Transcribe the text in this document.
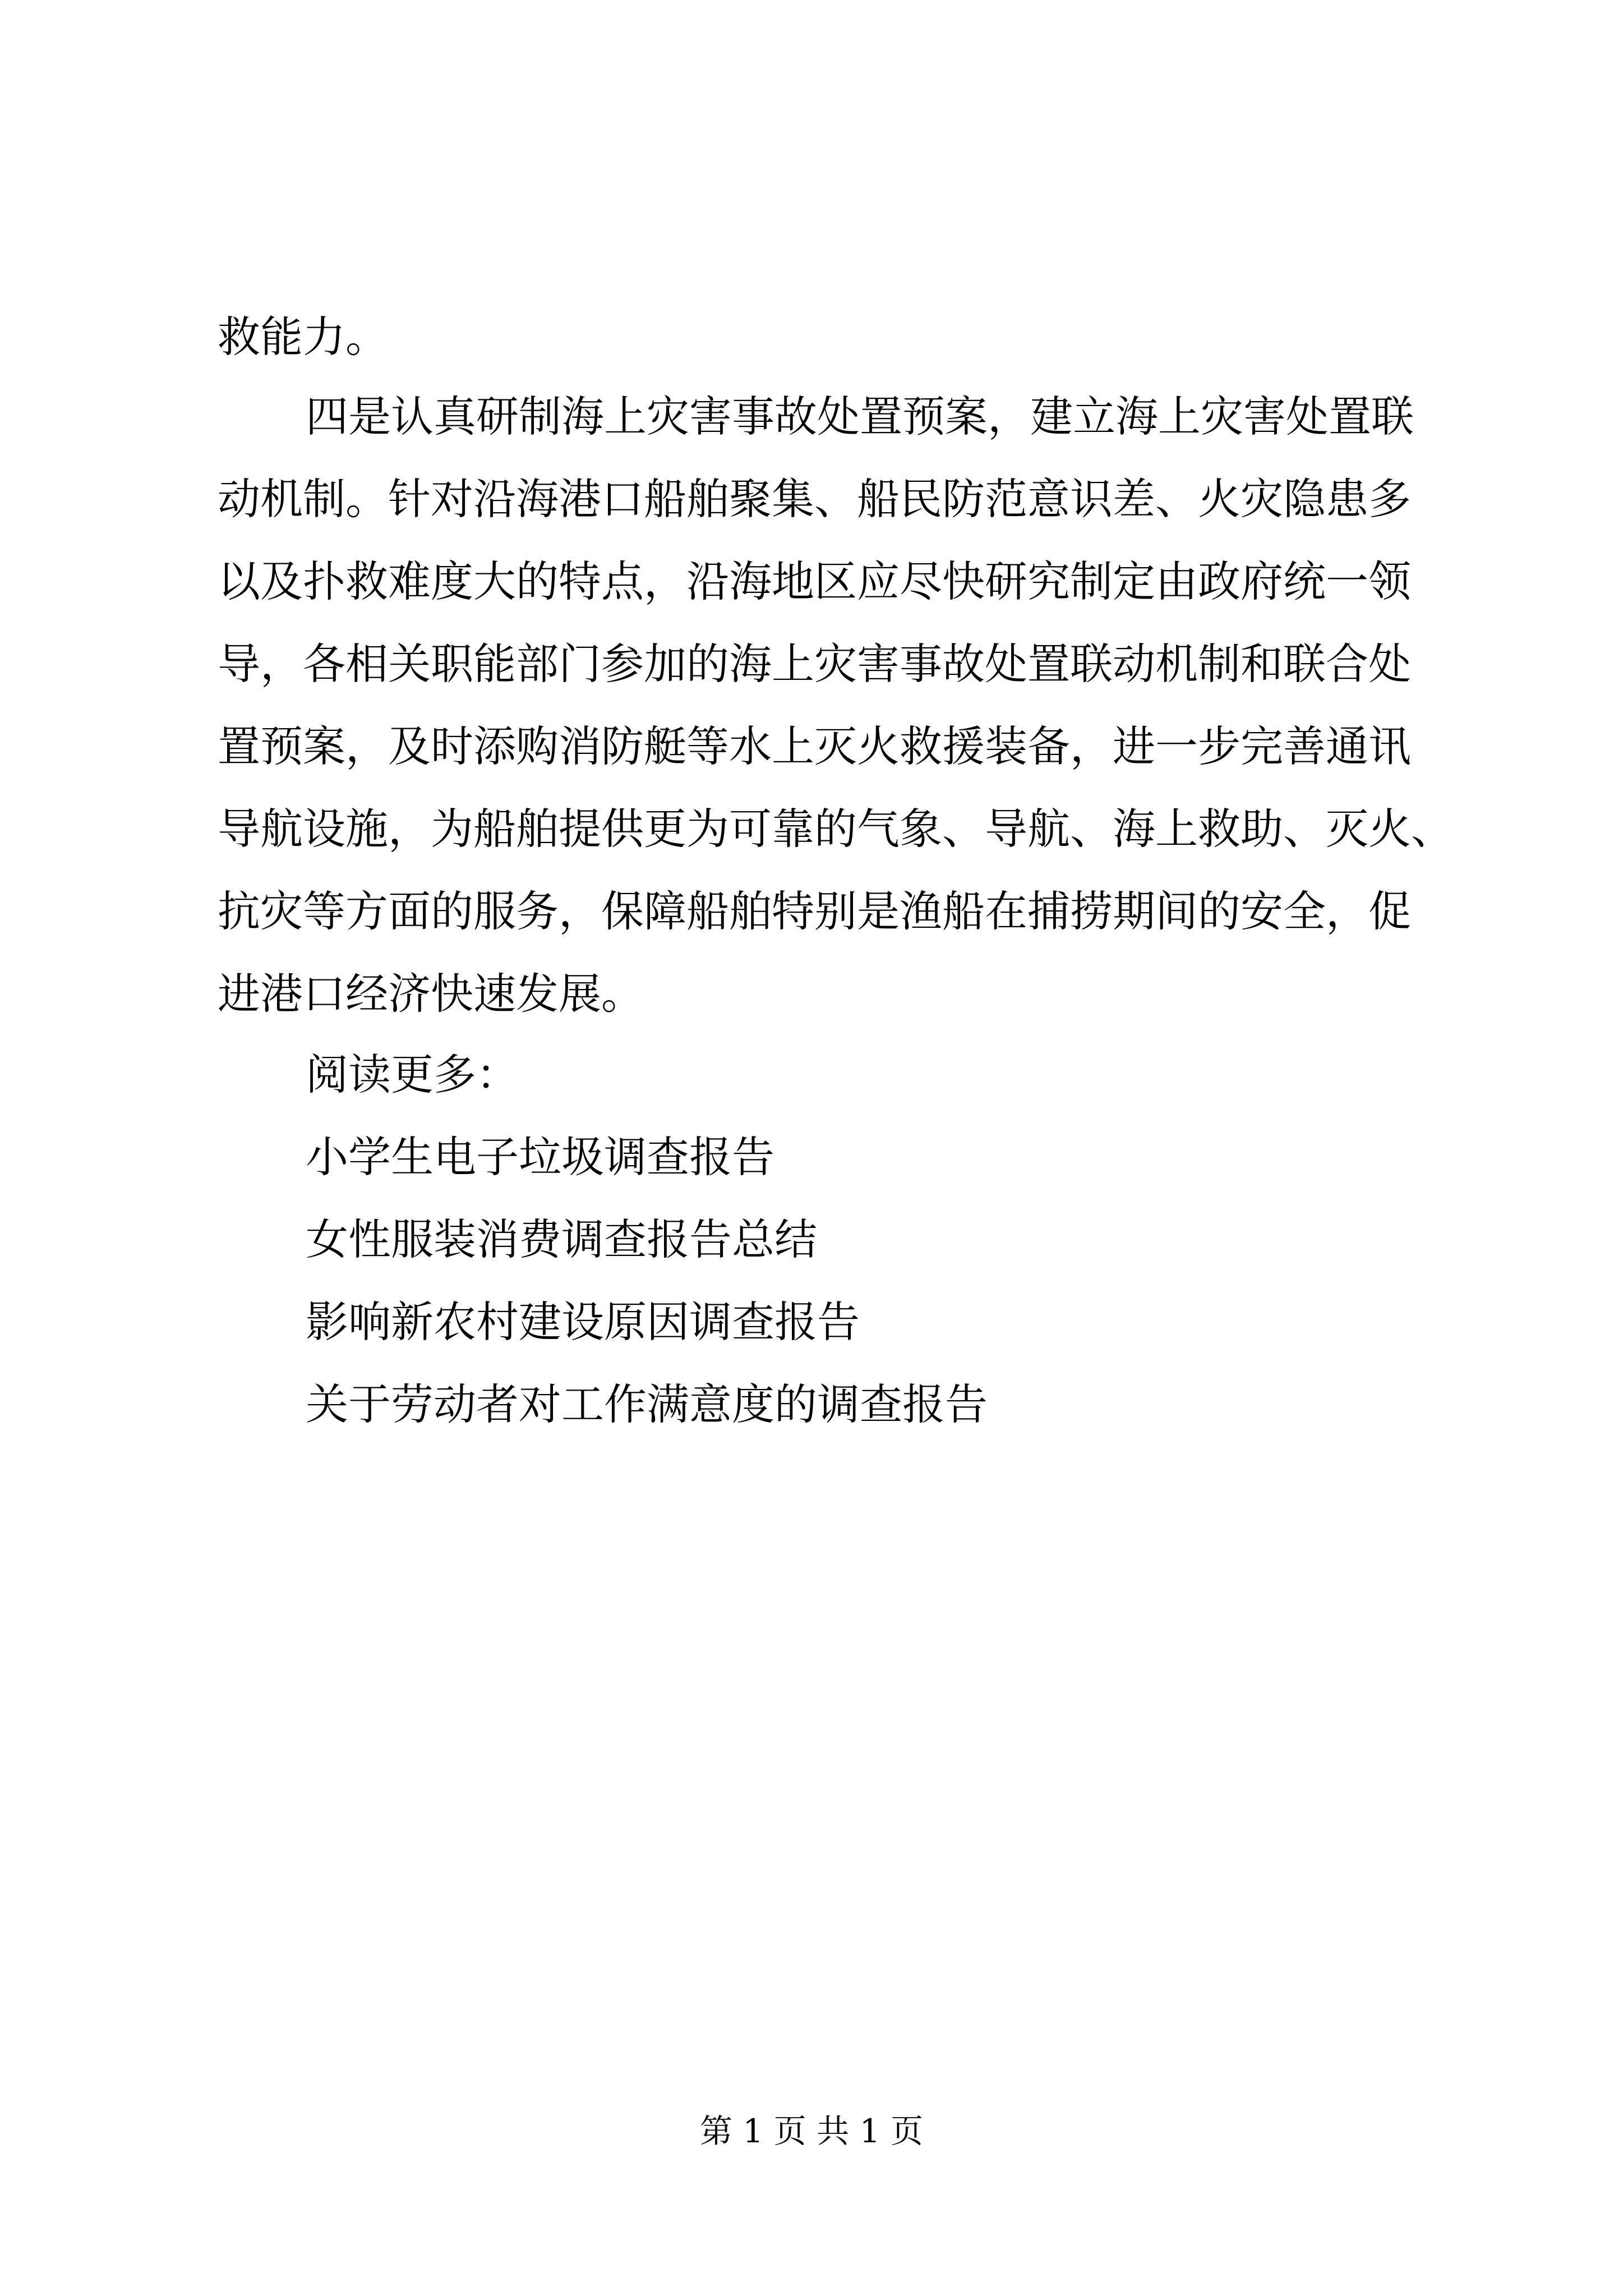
救能力。

四是认真研制海上灾害事故处置预案，建立海上灾害处置联

动机制。针对沿海港口船舶聚集、船民防范意识差、火灾隐患多

以及扑救难度大的特点，沿海地区应尽快研究制定由政府统一领

导，各相关职能部门参加的海上灾害事故处置联动机制和联合处

置预案，及时添购消防艇等水上灭火救援装备，进一步完善通讯

导航设施，为船舶提供更为可靠的气象、导航、海上救助、灭火、

抗灾等方面的服务，保障船舶特别是渔船在捕捞期间的安全，促

进港口经济快速发展。

阅读更多：

小学生电子垃圾调查报告

女性服装消费调查报告总结

影响新农村建设原因调查报告

关于劳动者对工作满意度的调查报告

第 1 页 共 1 页
